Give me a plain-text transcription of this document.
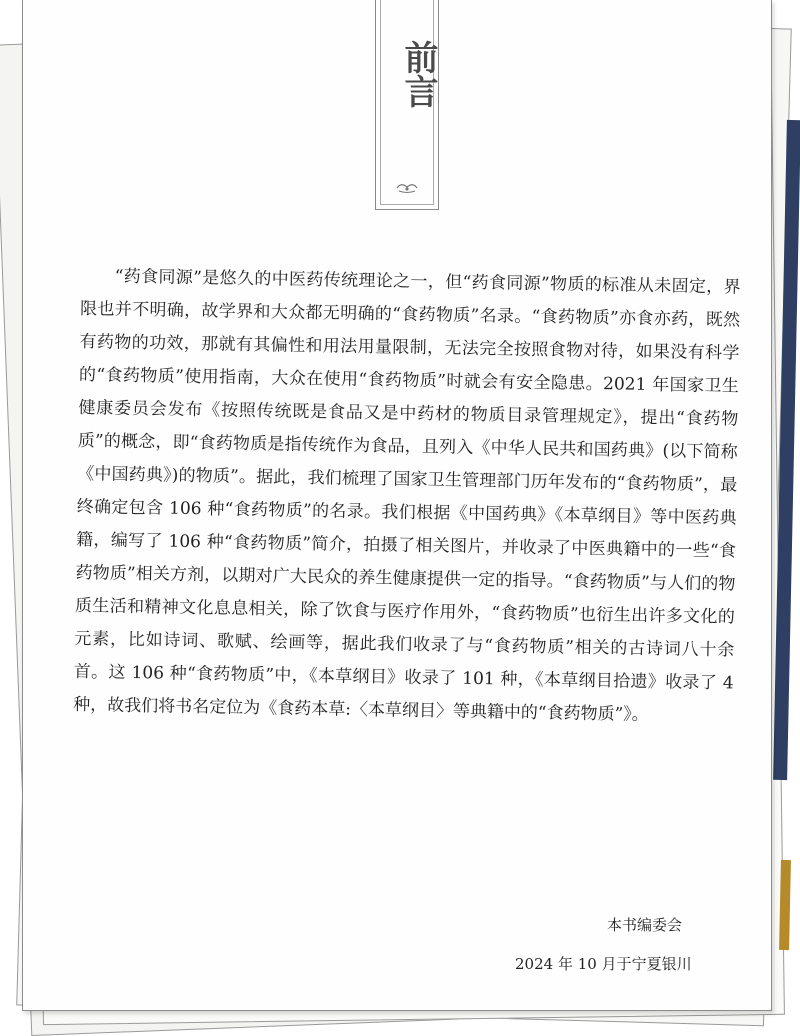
前言

“药食同源”是悠久的中医药传统理论之一，但“药食同源”物质的标准从未固定，界限也并不明确，故学界和大众都无明确的“食药物质”名录。“食药物质”亦食亦药，既然有药物的功效，那就有其偏性和用法用量限制，无法完全按照食物对待，如果没有科学的“食药物质”使用指南，大众在使用“食药物质”时就会有安全隐患。2021 年国家卫生健康委员会发布《按照传统既是食品又是中药材的物质目录管理规定》，提出“食药物质”的概念，即“食药物质是指传统作为食品，且列入《中华人民共和国药典》(以下简称《中国药典》)的物质”。据此，我们梳理了国家卫生管理部门历年发布的“食药物质”，最终确定包含 106 种“食药物质”的名录。我们根据《中国药典》《本草纲目》等中医药典籍，编写了 106 种“食药物质”简介，拍摄了相关图片，并收录了中医典籍中的一些“食药物质”相关方剂，以期对广大民众的养生健康提供一定的指导。“食药物质”与人们的物质生活和精神文化息息相关，除了饮食与医疗作用外，“食药物质”也衍生出许多文化的元素，比如诗词、歌赋、绘画等，据此我们收录了与“食药物质”相关的古诗词八十余首。这 106 种“食药物质”中，《本草纲目》收录了 101 种，《本草纲目拾遗》收录了 4 种，故我们将书名定位为《食药本草:〈本草纲目〉等典籍中的“食药物质”》。

本书编委会
2024 年 10 月于宁夏银川
